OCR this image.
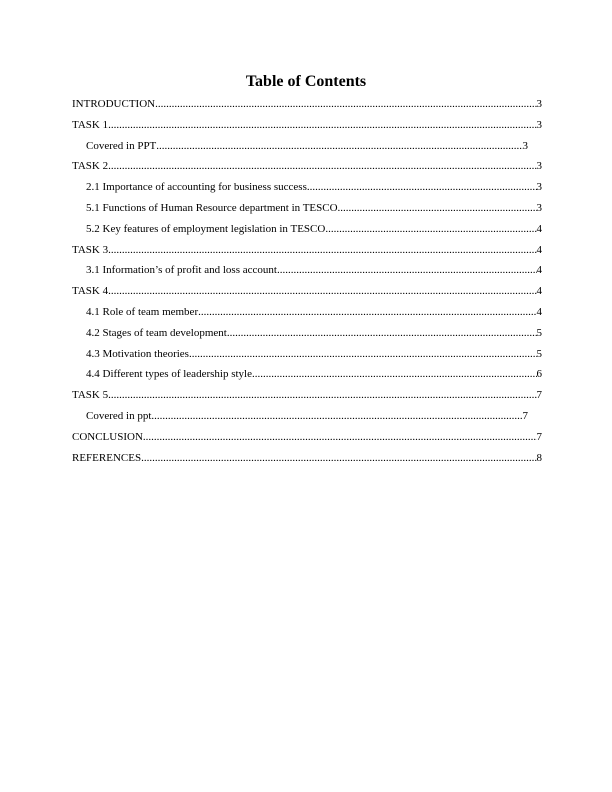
Table of Contents
INTRODUCTION .....	3
TASK 1 .....	3
Covered in PPT .....	3
TASK 2 .....	3
2.1 Importance of accounting for business success .....	3
5.1 Functions of Human Resource department in TESCO .....	3
5.2 Key features of employment legislation in TESCO .....	4
TASK 3 .....	4
3.1 Information’s of profit and loss account .....	4
TASK 4 .....	4
4.1 Role of team member .....	4
4.2 Stages of team development .....	5
4.3 Motivation theories .....	5
4.4 Different types of leadership style .....	6
TASK 5 .....	7
Covered in ppt .....	7
CONCLUSION .....	7
REFERENCES .....	8
